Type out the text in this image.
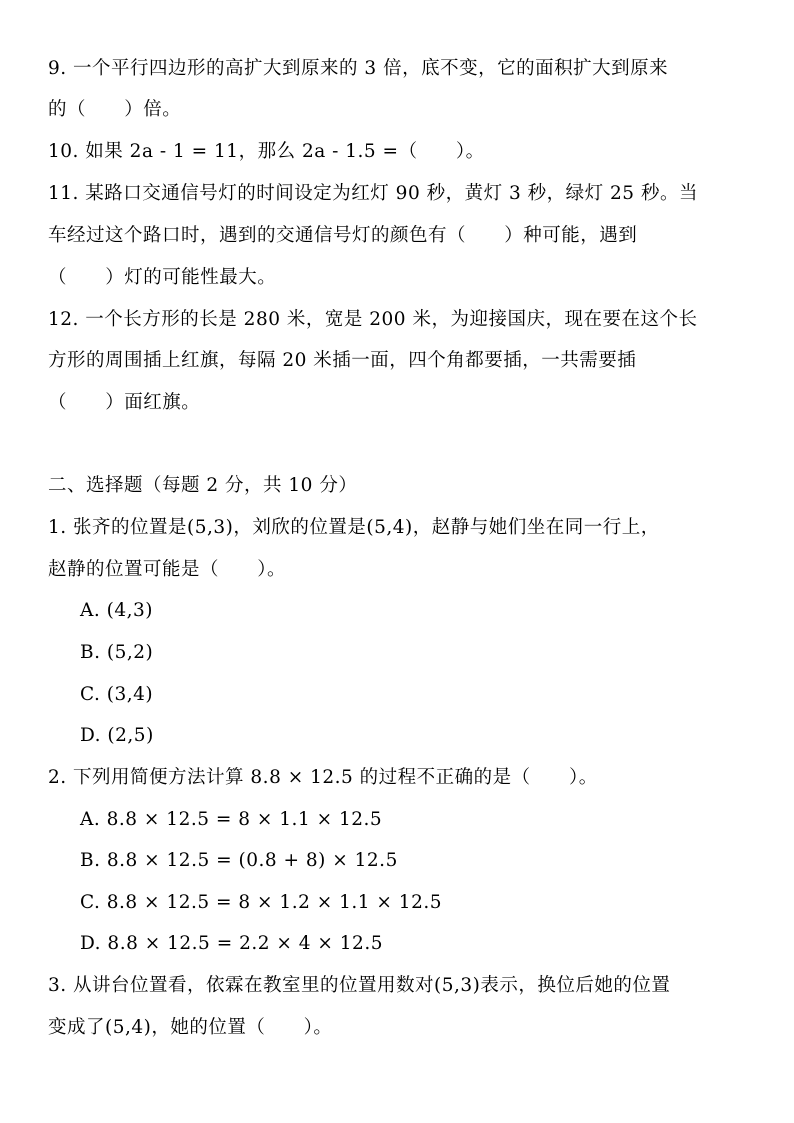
9. 一个平行四边形的高扩大到原来的 3 倍，底不变，它的面积扩大到原来
的（      ）倍。
10. 如果 2a - 1 = 11，那么 2a - 1.5 =（      ）。
11. 某路口交通信号灯的时间设定为红灯 90 秒，黄灯 3 秒，绿灯 25 秒。当
车经过这个路口时，遇到的交通信号灯的颜色有（      ）种可能，遇到
（      ）灯的可能性最大。
12. 一个长方形的长是 280 米，宽是 200 米，为迎接国庆，现在要在这个长
方形的周围插上红旗，每隔 20 米插一面，四个角都要插，一共需要插
（      ）面红旗。
二、选择题（每题 2 分，共 10 分）
1. 张齐的位置是(5,3)，刘欣的位置是(5,4)，赵静与她们坐在同一行上，
赵静的位置可能是（      ）。
A. (4,3)
B. (5,2)
C. (3,4)
D. (2,5)
2. 下列用简便方法计算 8.8 × 12.5 的过程不正确的是（      ）。
A. 8.8 × 12.5 = 8 × 1.1 × 12.5
B. 8.8 × 12.5 = (0.8 + 8) × 12.5
C. 8.8 × 12.5 = 8 × 1.2 × 1.1 × 12.5
D. 8.8 × 12.5 = 2.2 × 4 × 12.5
3. 从讲台位置看，依霖在教室里的位置用数对(5,3)表示，换位后她的位置
变成了(5,4)，她的位置（      ）。
